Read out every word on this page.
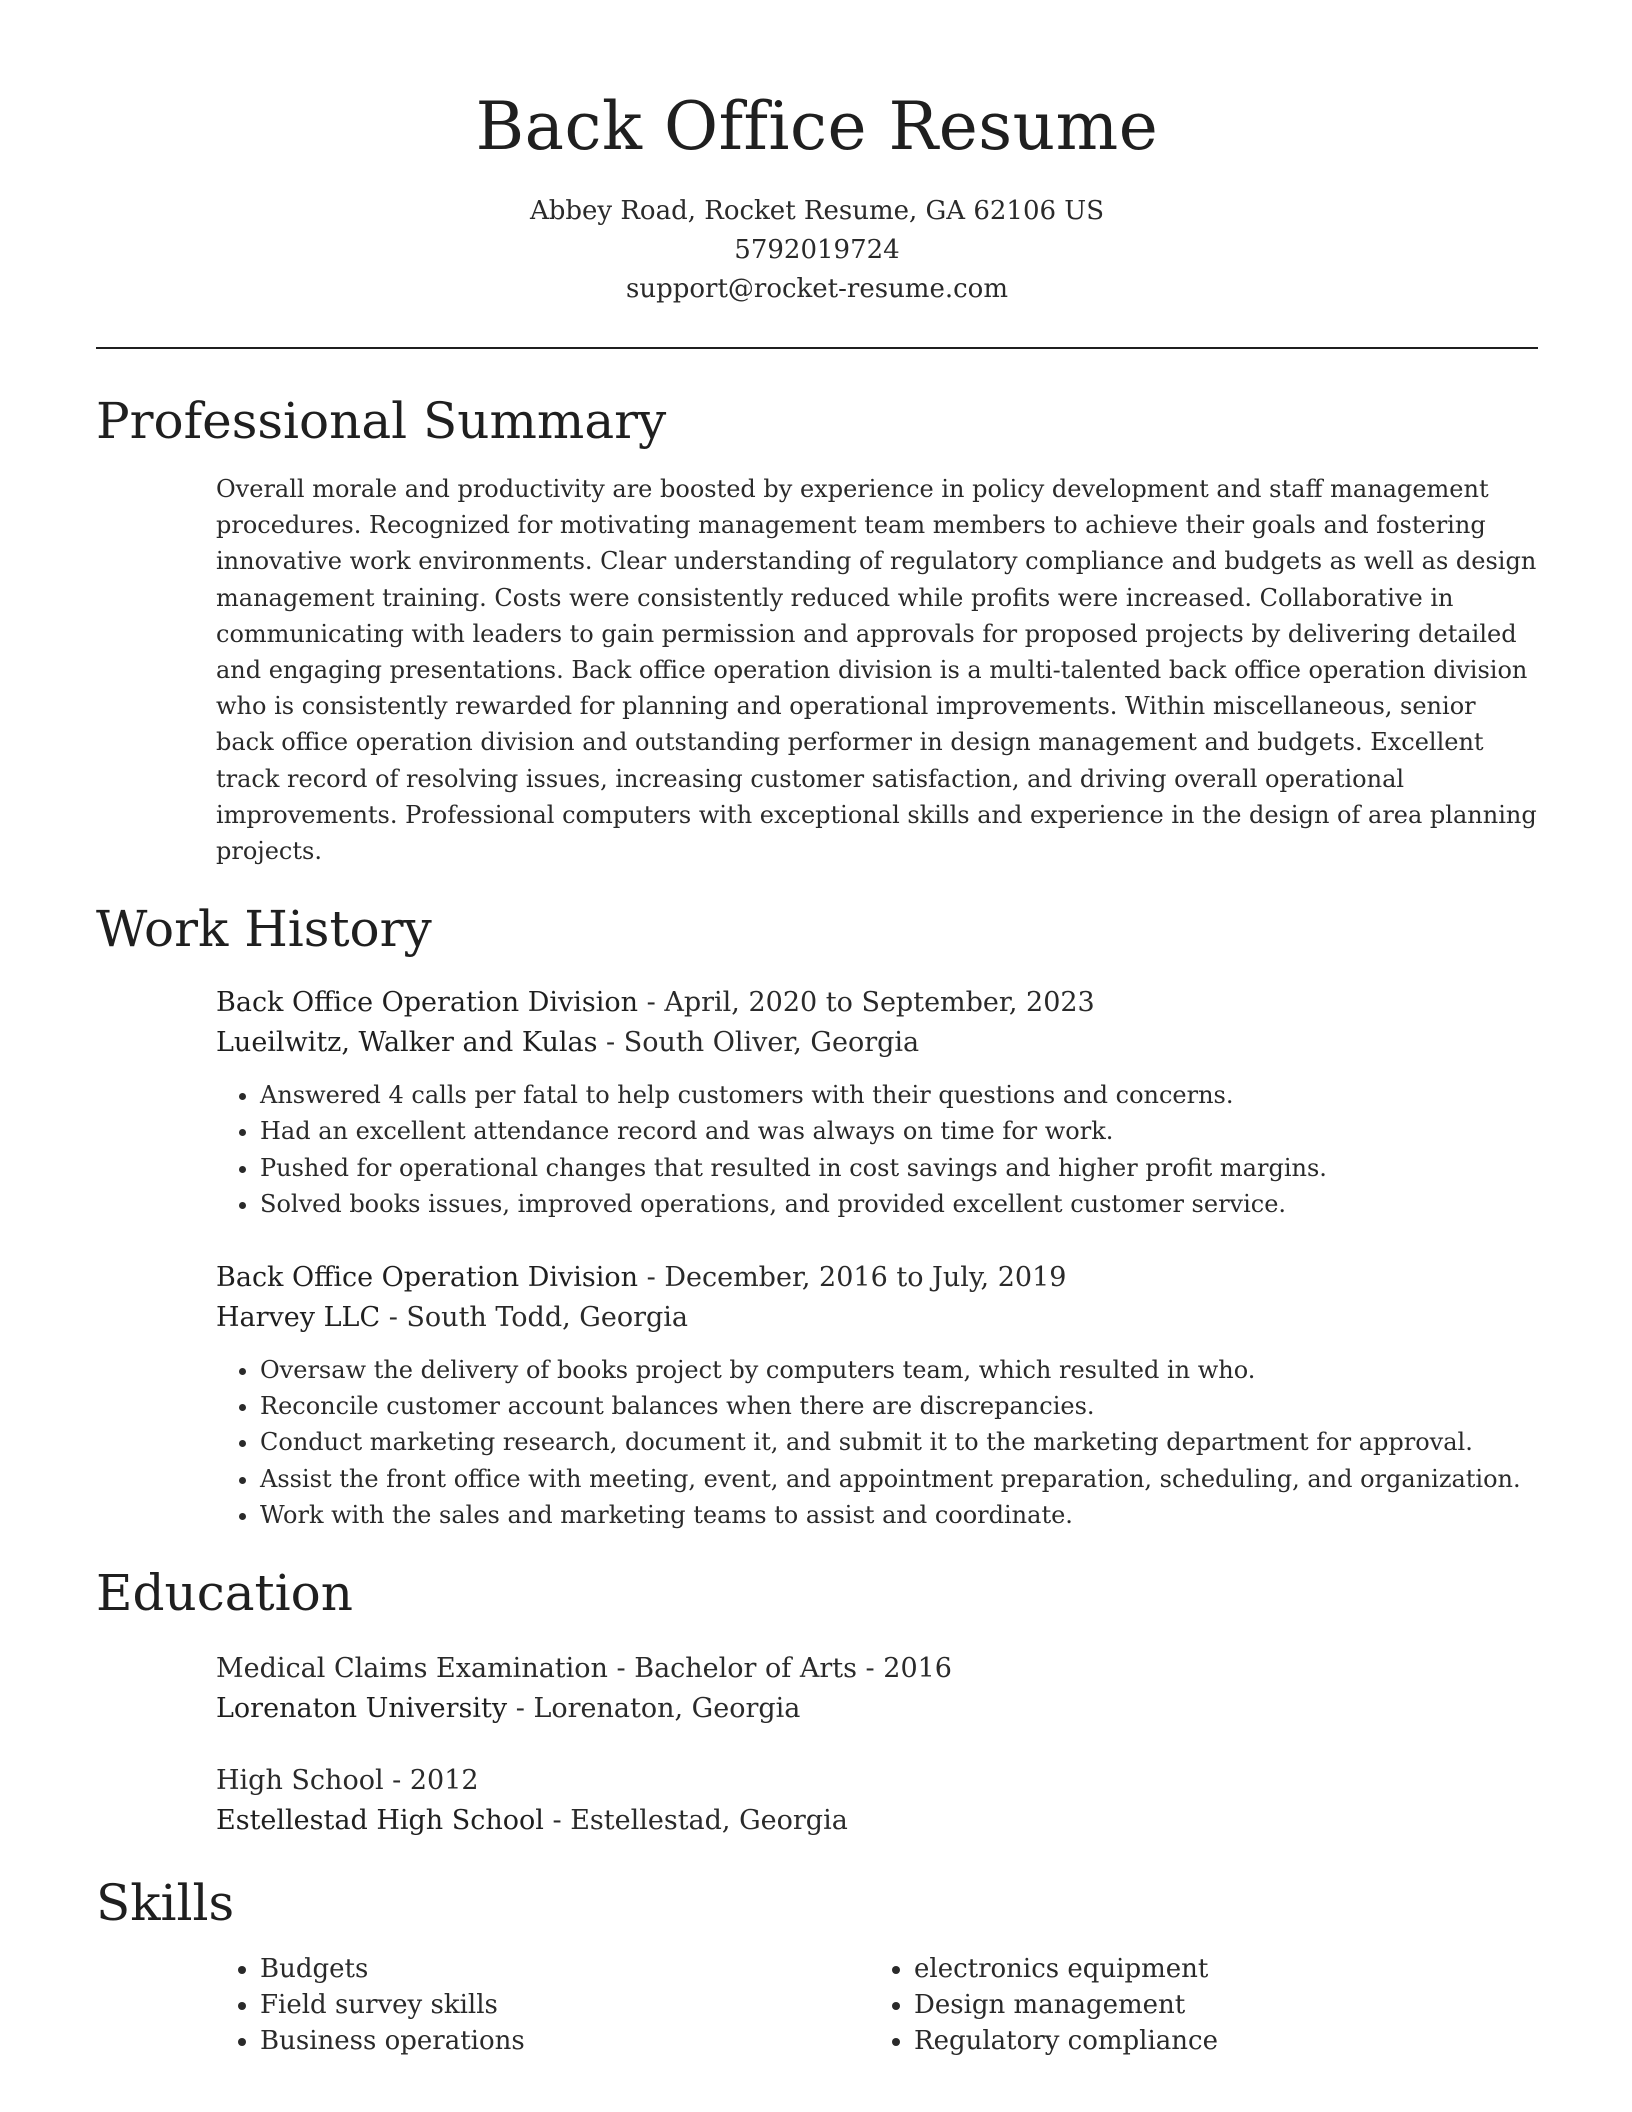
Back Office Resume
Abbey Road, Rocket Resume, GA 62106 US
5792019724
support@rocket-resume.com
Professional Summary
Overall morale and productivity are boosted by experience in policy development and staff management procedures. Recognized for motivating management team members to achieve their goals and fostering innovative work environments. Clear understanding of regulatory compliance and budgets as well as design management training. Costs were consistently reduced while profits were increased. Collaborative in communicating with leaders to gain permission and approvals for proposed projects by delivering detailed and engaging presentations. Back office operation division is a multi-talented back office operation division who is consistently rewarded for planning and operational improvements. Within miscellaneous, senior back office operation division and outstanding performer in design management and budgets. Excellent track record of resolving issues, increasing customer satisfaction, and driving overall operational improvements. Professional computers with exceptional skills and experience in the design of area planning projects.
Work History
Back Office Operation Division - April, 2020 to September, 2023
Lueilwitz, Walker and Kulas - South Oliver, Georgia
• Answered 4 calls per fatal to help customers with their questions and concerns.
• Had an excellent attendance record and was always on time for work.
• Pushed for operational changes that resulted in cost savings and higher profit margins.
• Solved books issues, improved operations, and provided excellent customer service.
Back Office Operation Division - December, 2016 to July, 2019
Harvey LLC - South Todd, Georgia
• Oversaw the delivery of books project by computers team, which resulted in who.
• Reconcile customer account balances when there are discrepancies.
• Conduct marketing research, document it, and submit it to the marketing department for approval.
• Assist the front office with meeting, event, and appointment preparation, scheduling, and organization.
• Work with the sales and marketing teams to assist and coordinate.
Education
Medical Claims Examination - Bachelor of Arts - 2016
Lorenaton University - Lorenaton, Georgia
High School - 2012
Estellestad High School - Estellestad, Georgia
Skills
• Budgets
• Field survey skills
• Business operations
• electronics equipment
• Design management
• Regulatory compliance
